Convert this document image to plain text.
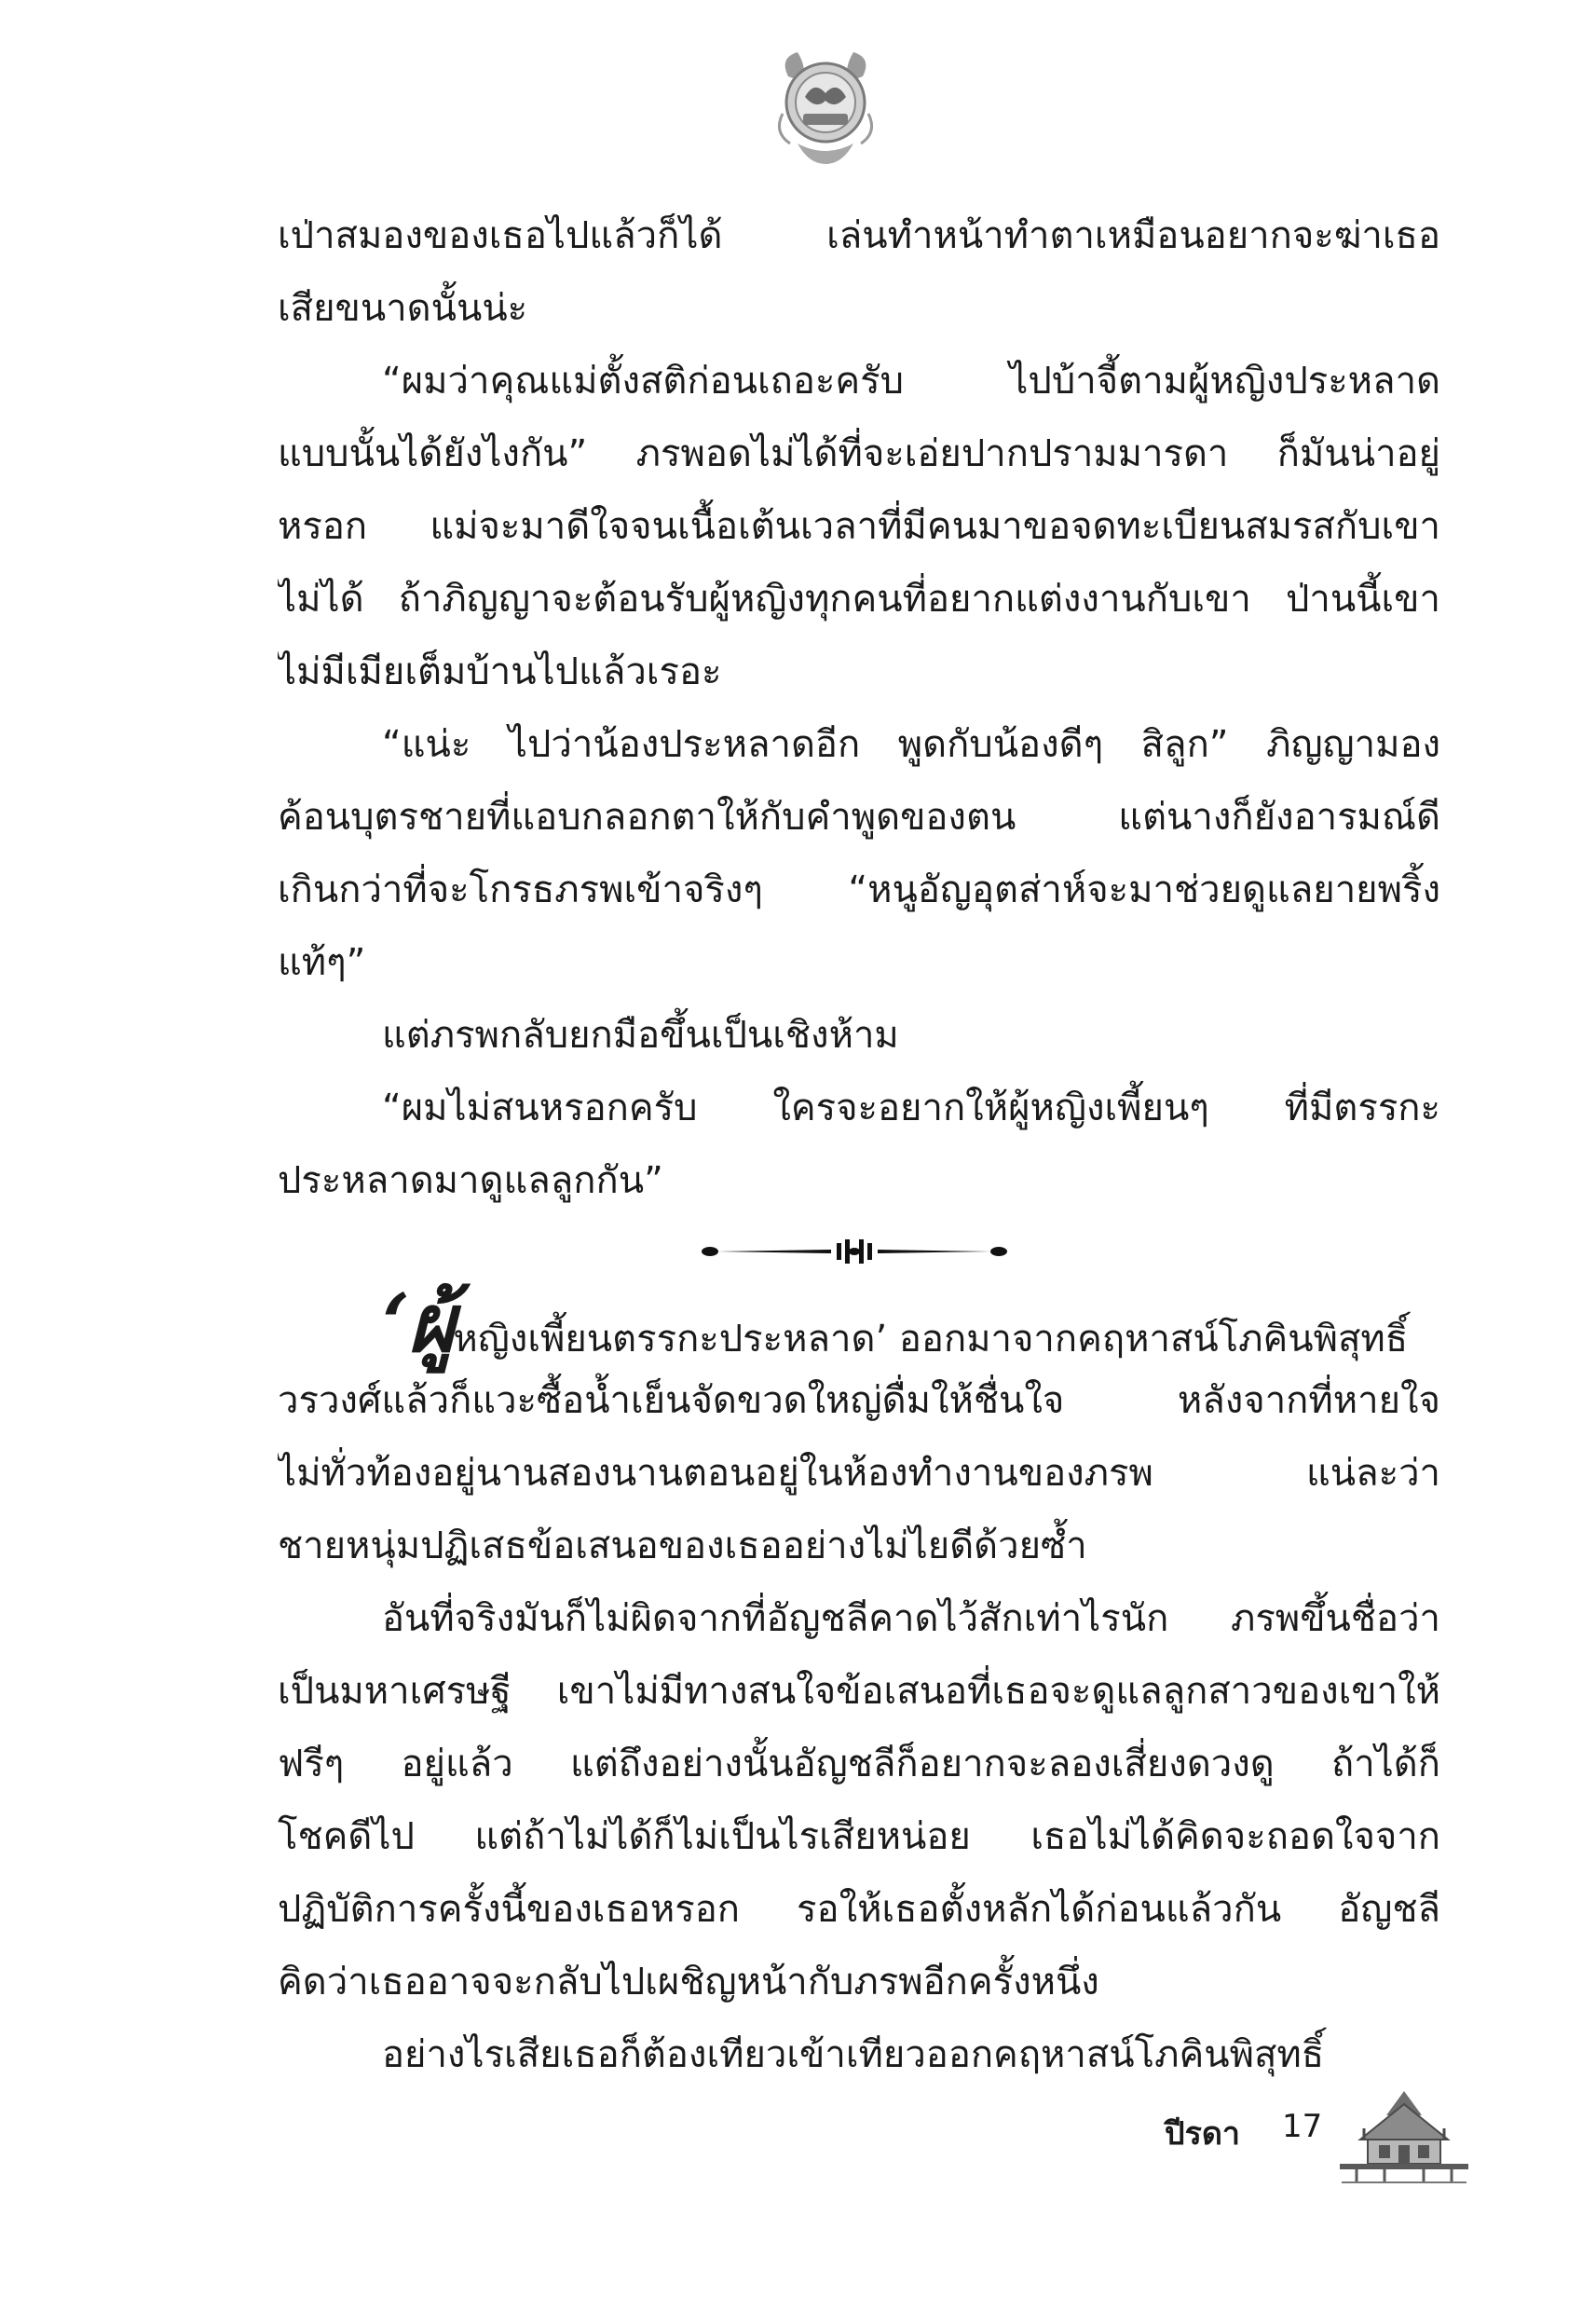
เป่าสมองของเธอไปแล้วก็ได้ เล่นทำหน้าทำตาเหมือนอยากจะฆ่าเธอ
เสียขนาดนั้นน่ะ
“ผมว่าคุณแม่ตั้งสติก่อนเถอะครับ ไปบ้าจี้ตามผู้หญิงประหลาด
แบบนั้นได้ยังไงกัน” ภรพอดไม่ได้ที่จะเอ่ยปากปรามมารดา ก็มันน่าอยู่
หรอก แม่จะมาดีใจจนเนื้อเต้นเวลาที่มีคนมาขอจดทะเบียนสมรสกับเขา
ไม่ได้ ถ้าภิญญาจะต้อนรับผู้หญิงทุกคนที่อยากแต่งงานกับเขา ป่านนี้เขา
ไม่มีเมียเต็มบ้านไปแล้วเรอะ
“แน่ะ ไปว่าน้องประหลาดอีก พูดกับน้องดีๆ สิลูก” ภิญญามอง
ค้อนบุตรชายที่แอบกลอกตาให้กับคำพูดของตน แต่นางก็ยังอารมณ์ดี
เกินกว่าที่จะโกรธภรพเข้าจริงๆ “หนูอัญอุตส่าห์จะมาช่วยดูแลยายพริ้ง
แท้ๆ”
แต่ภรพกลับยกมือขึ้นเป็นเชิงห้าม
“ผมไม่สนหรอกครับ ใครจะอยากให้ผู้หญิงเพี้ยนๆ ที่มีตรรกะ
ประหลาดมาดูแลลูกกัน”
‘ผู้หญิงเพี้ยนตรรกะประหลาด’ ออกมาจากคฤหาสน์โภคินพิสุทธิ์
วรวงศ์แล้วก็แวะซื้อน้ำเย็นจัดขวดใหญ่ดื่มให้ชื่นใจ หลังจากที่หายใจ
ไม่ทั่วท้องอยู่นานสองนานตอนอยู่ในห้องทำงานของภรพ แน่ละว่า
ชายหนุ่มปฏิเสธข้อเสนอของเธออย่างไม่ไยดีด้วยซ้ำ
อันที่จริงมันก็ไม่ผิดจากที่อัญชลีคาดไว้สักเท่าไรนัก ภรพขึ้นชื่อว่า
เป็นมหาเศรษฐี เขาไม่มีทางสนใจข้อเสนอที่เธอจะดูแลลูกสาวของเขาให้
ฟรีๆ อยู่แล้ว แต่ถึงอย่างนั้นอัญชลีก็อยากจะลองเสี่ยงดวงดู ถ้าได้ก็
โชคดีไป แต่ถ้าไม่ได้ก็ไม่เป็นไรเสียหน่อย เธอไม่ได้คิดจะถอดใจจาก
ปฏิบัติการครั้งนี้ของเธอหรอก รอให้เธอตั้งหลักได้ก่อนแล้วกัน อัญชลี
คิดว่าเธออาจจะกลับไปเผชิญหน้ากับภรพอีกครั้งหนึ่ง
อย่างไรเสียเธอก็ต้องเทียวเข้าเทียวออกคฤหาสน์โภคินพิสุทธิ์
ปีรดา 17
